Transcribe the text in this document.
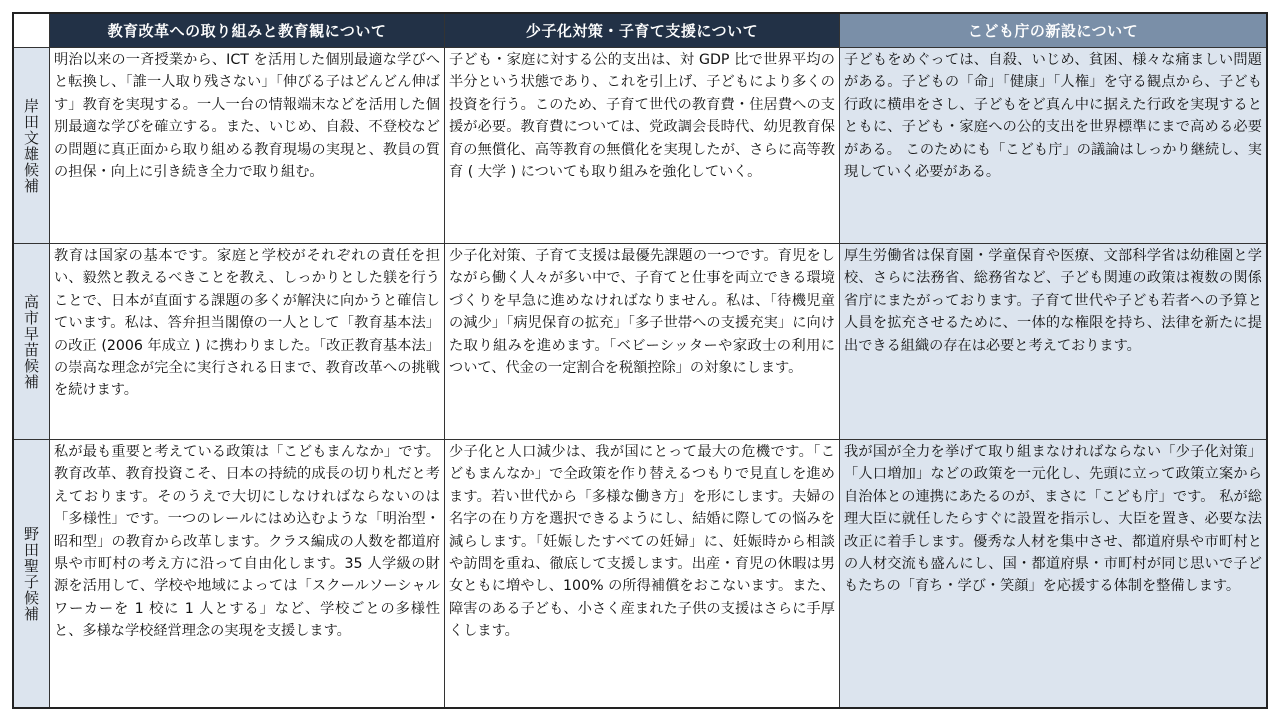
教育改革への取り組みと教育観について	少子化対策・子育て支援について	こども庁の新設について
岸田文雄候補
明治以来の一斉授業から、ICT を活用した個別最適な学びへと転換し、「誰一人取り残さない」「伸びる子はどんどん伸ばす」教育を実現する。一人一台の情報端末などを活用した個別最適な学びを確立する。また、いじめ、自殺、不登校などの問題に真正面から取り組める教育現場の実現と、教員の質の担保・向上に引き続き全力で取り組む。
子ども・家庭に対する公的支出は、対 GDP 比で世界平均の半分という状態であり、これを引上げ、子どもにより多くの投資を行う。このため、子育て世代の教育費・住居費への支援が必要。教育費については、党政調会長時代、幼児教育保育の無償化、高等教育の無償化を実現したが、さらに高等教育 ( 大学 ) についても取り組みを強化していく。
子どもをめぐっては、自殺、いじめ、貧困、様々な痛ましい問題がある。子どもの「命」「健康」「人権」を守る観点から、子ども行政に横串をさし、子どもをど真ん中に据えた行政を実現するとともに、子ども・家庭への公的支出を世界標準にまで高める必要がある。 このためにも「こども庁」の議論はしっかり継続し、実現していく必要がある。
高市早苗候補
教育は国家の基本です。家庭と学校がそれぞれの責任を担い、毅然と教えるべきことを教え、しっかりとした躾を行うことで、日本が直面する課題の多くが解決に向かうと確信しています。私は、答弁担当閣僚の一人として「教育基本法」の改正 (2006 年成立 ) に携わりました。「改正教育基本法」の崇高な理念が完全に実行される日まで、教育改革への挑戦を続けます。
少子化対策、子育て支援は最優先課題の一つです。育児をしながら働く人々が多い中で、子育てと仕事を両立できる環境づくりを早急に進めなければなりません。私は、「待機児童の減少」「病児保育の拡充」「多子世帯への支援充実」に向けた取り組みを進めます。「ベビーシッターや家政士の利用について、代金の一定割合を税額控除」の対象にします。
厚生労働省は保育園・学童保育や医療、文部科学省は幼稚園と学校、さらに法務省、総務省など、子ども関連の政策は複数の関係省庁にまたがっております。子育て世代や子ども若者への予算と人員を拡充させるために、一体的な権限を持ち、法律を新たに提出できる組織の存在は必要と考えております。
野田聖子候補
私が最も重要と考えている政策は「こどもまんなか」です。教育改革、教育投資こそ、日本の持続的成長の切り札だと考えております。そのうえで大切にしなければならないのは「多様性」です。一つのレールにはめ込むような「明治型・昭和型」の教育から改革します。クラス編成の人数を都道府県や市町村の考え方に沿って自由化します。35 人学級の財源を活用して、学校や地域によっては「スクールソーシャルワーカーを 1 校に 1 人とする」など、学校ごとの多様性と、多様な学校経営理念の実現を支援します。
少子化と人口減少は、我が国にとって最大の危機です。「こどもまんなか」で全政策を作り替えるつもりで見直しを進めます。若い世代から「多様な働き方」を形にします。夫婦の名字の在り方を選択できるようにし、結婚に際しての悩みを減らします。「妊娠したすべての妊婦」に、妊娠時から相談や訪問を重ね、徹底して支援します。出産・育児の休暇は男女ともに増やし、100% の所得補償をおこないます。また、障害のある子ども、小さく産まれた子供の支援はさらに手厚くします。
我が国が全力を挙げて取り組まなければならない「少子化対策」「人口増加」などの政策を一元化し、先頭に立って政策立案から自治体との連携にあたるのが、まさに「こども庁」です。 私が総理大臣に就任したらすぐに設置を指示し、大臣を置き、必要な法改正に着手します。優秀な人材を集中させ、都道府県や市町村との人材交流も盛んにし、国・都道府県・市町村が同じ思いで子どもたちの「育ち・学び・笑顔」を応援する体制を整備します。
